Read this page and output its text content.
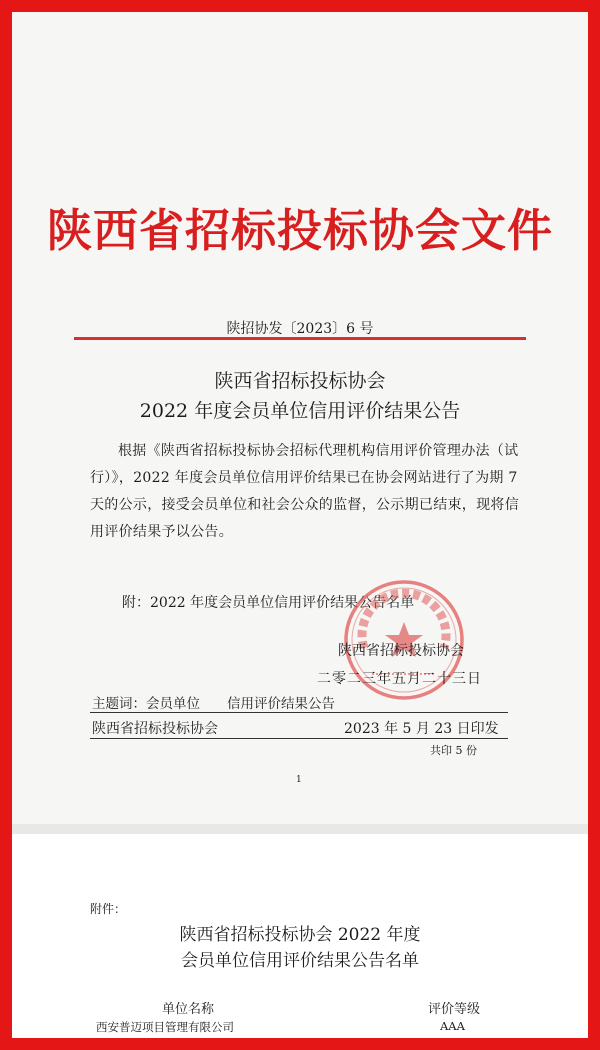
陕西省招标投标协会文件
陕招协发〔2023〕6 号
陕西省招标投标协会
2022 年度会员单位信用评价结果公告

根据《陕西省招标投标协会招标代理机构信用评价管理办法（试行）》，2022 年度会员单位信用评价结果已在协会网站进行了为期 7 天的公示，接受会员单位和社会公众的监督，公示期已结束，现将信用评价结果予以公告。

附：2022 年度会员单位信用评价结果公告名单
陕西省招标投标协会
二零二三年五月二十三日
主题词：会员单位　　信用评价结果公告
陕西省招标投标协会	2023 年 5 月 23 日印发
共印 5 份
1
附件：
陕西省招标投标协会 2022 年度
会员单位信用评价结果公告名单
单位名称	评价等级
西安普迈项目管理有限公司	AAA
